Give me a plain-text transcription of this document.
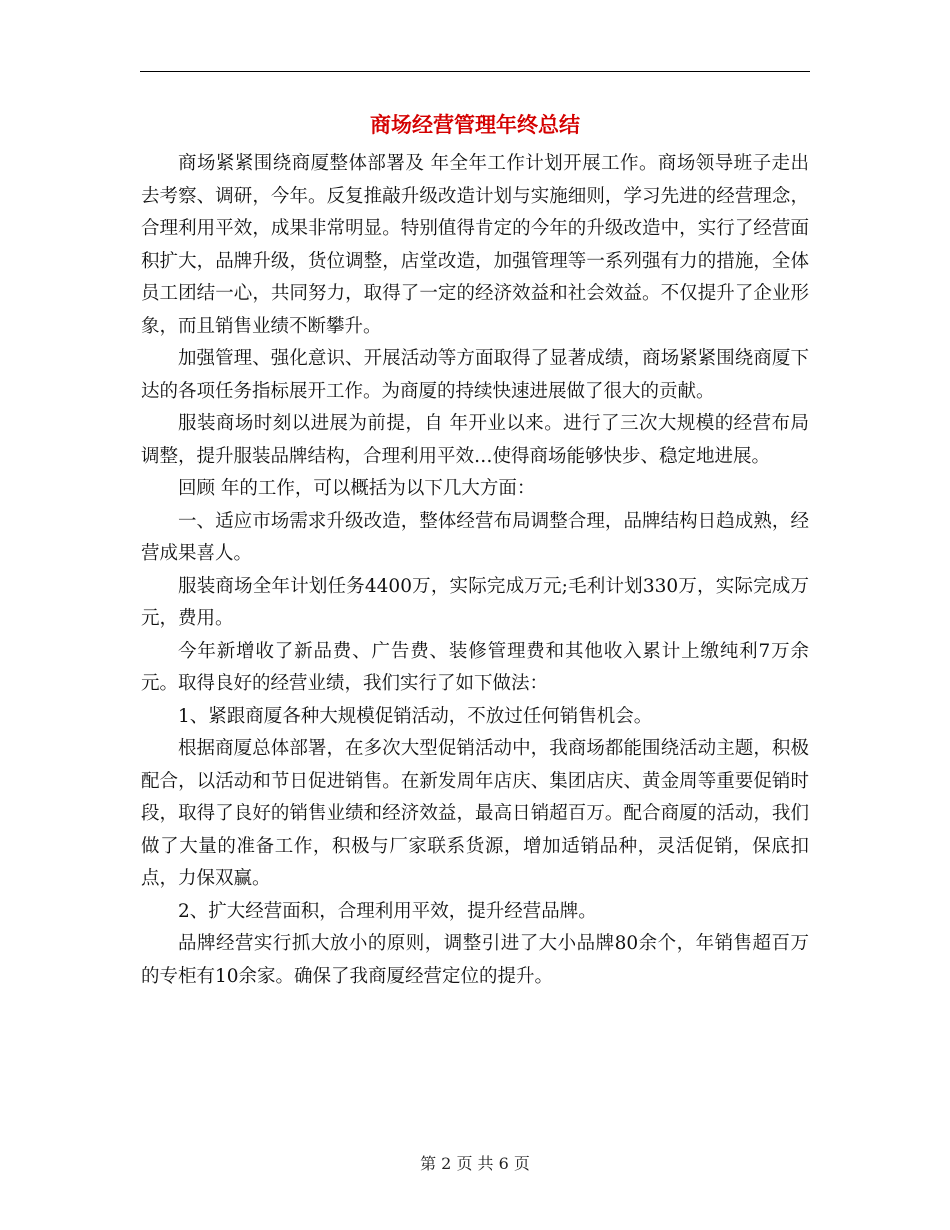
商场经营管理年终总结

商场紧紧围绕商厦整体部署及 年全年工作计划开展工作。商场领导班子走出去考察、调研，今年。反复推敲升级改造计划与实施细则，学习先进的经营理念，合理利用平效，成果非常明显。特别值得肯定的今年的升级改造中，实行了经营面积扩大，品牌升级，货位调整，店堂改造，加强管理等一系列强有力的措施，全体员工团结一心，共同努力，取得了一定的经济效益和社会效益。不仅提升了企业形象，而且销售业绩不断攀升。

加强管理、强化意识、开展活动等方面取得了显著成绩，商场紧紧围绕商厦下达的各项任务指标展开工作。为商厦的持续快速进展做了很大的贡献。

服装商场时刻以进展为前提，自 年开业以来。进行了三次大规模的经营布局调整，提升服装品牌结构，合理利用平效…使得商场能够快步、稳定地进展。

回顾 年的工作，可以概括为以下几大方面：

一、适应市场需求升级改造，整体经营布局调整合理，品牌结构日趋成熟，经营成果喜人。

服装商场全年计划任务4400万，实际完成万元;毛利计划330万，实际完成万元，费用。

今年新增收了新品费、广告费、装修管理费和其他收入累计上缴纯利7万余元。取得良好的经营业绩，我们实行了如下做法：

1、紧跟商厦各种大规模促销活动，不放过任何销售机会。

根据商厦总体部署，在多次大型促销活动中，我商场都能围绕活动主题，积极配合，以活动和节日促进销售。在新发周年店庆、集团店庆、黄金周等重要促销时段，取得了良好的销售业绩和经济效益，最高日销超百万。配合商厦的活动，我们做了大量的准备工作，积极与厂家联系货源，增加适销品种，灵活促销，保底扣点，力保双赢。

2、扩大经营面积，合理利用平效，提升经营品牌。

品牌经营实行抓大放小的原则，调整引进了大小品牌80余个，年销售超百万的专柜有10余家。确保了我商厦经营定位的提升。

第 2 页 共 6 页
